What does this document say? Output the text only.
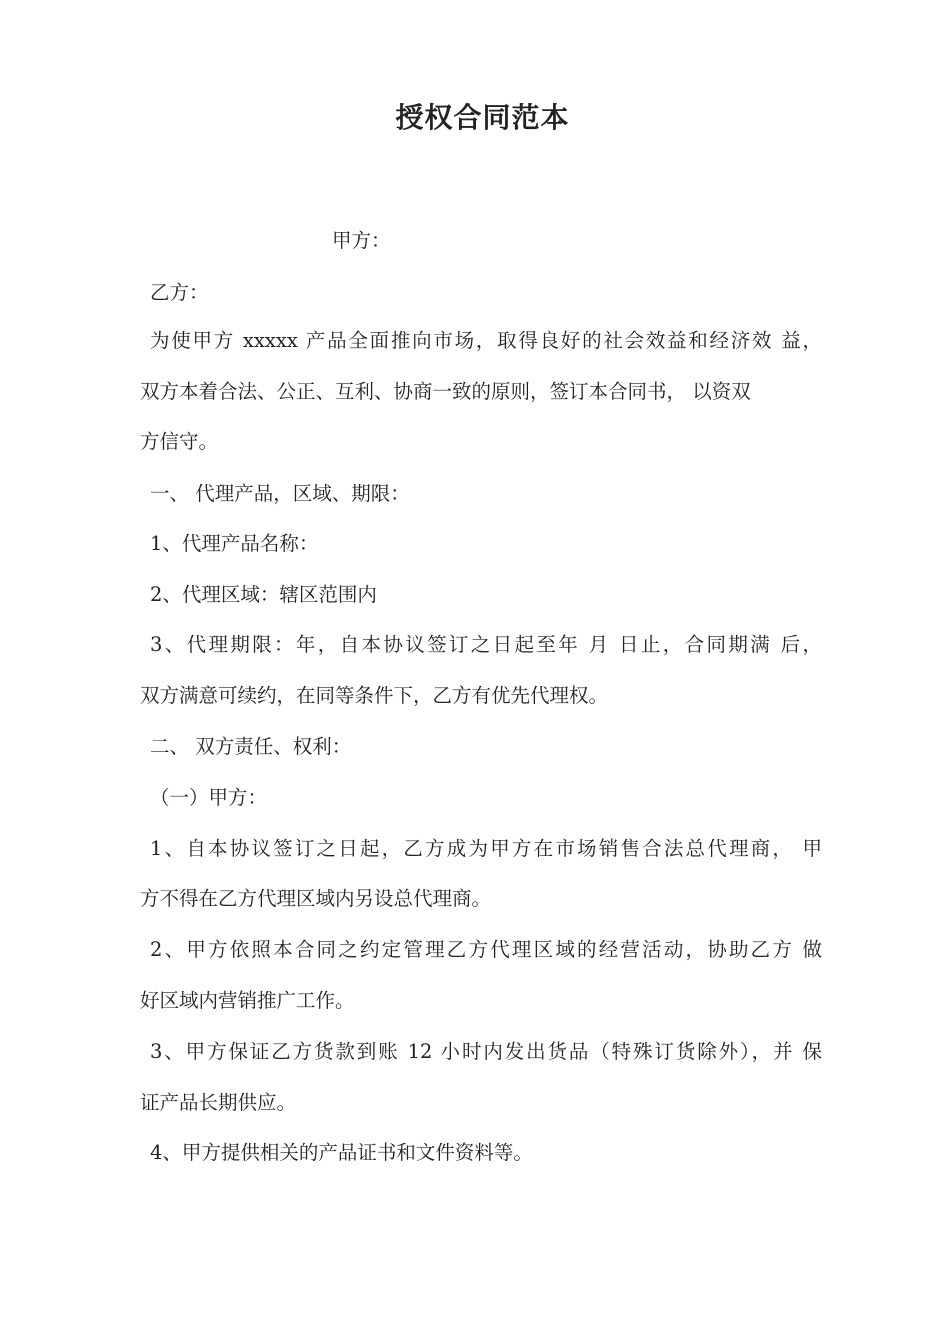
授权合同范本
甲方：
乙方：
为使甲方 xxxxx 产品全面推向市场，取得良好的社会效益和经济效 益，
双方本着合法、公正、互利、协商一致的原则，签订本合同书， 以资双
方信守。
一、 代理产品，区域、期限：
1、代理产品名称：
2、代理区域：辖区范围内
3、代理期限：年，自本协议签订之日起至年 月 日止，合同期满 后，
双方满意可续约，在同等条件下，乙方有优先代理权。
二、 双方责任、权利：
（一）甲方：
1、自本协议签订之日起，乙方成为甲方在市场销售合法总代理商， 甲
方不得在乙方代理区域内另设总代理商。
2、甲方依照本合同之约定管理乙方代理区域的经营活动，协助乙方 做
好区域内营销推广工作。
3、甲方保证乙方货款到账 12 小时内发出货品（特殊订货除外），并 保
证产品长期供应。
4、甲方提供相关的产品证书和文件资料等。
